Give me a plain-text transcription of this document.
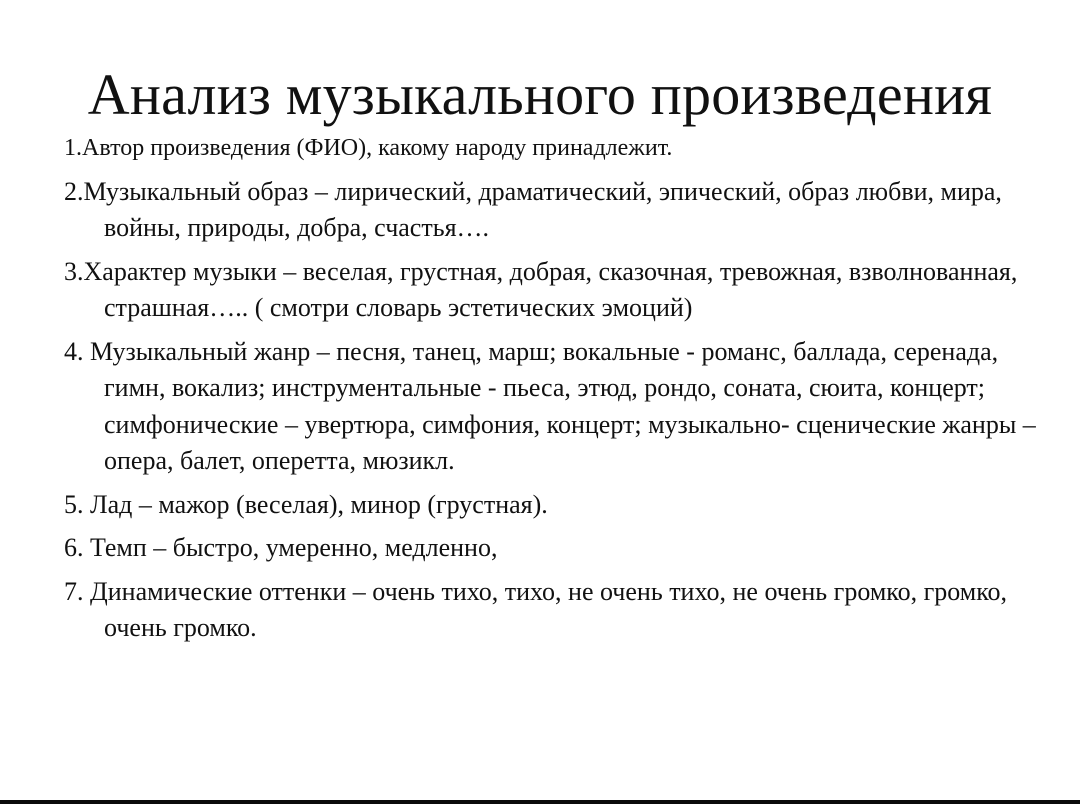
Анализ музыкального произведения
1.Автор произведения (ФИО), какому народу принадлежит.
2.Музыкальный образ – лирический, драматический, эпический, образ любви, мира, войны, природы, добра, счастья….
3.Характер музыки – веселая, грустная, добрая, сказочная, тревожная, взволнованная, страшная….. ( смотри словарь эстетических эмоций)
4. Музыкальный жанр – песня, танец, марш; вокальные - романс, баллада, серенада, гимн, вокализ; инструментальные - пьеса, этюд, рондо, соната, сюита, концерт; симфонические – увертюра, симфония, концерт; музыкально- сценические жанры – опера, балет, оперетта, мюзикл.
5. Лад – мажор (веселая), минор (грустная).
6. Темп – быстро, умеренно, медленно,
7. Динамические оттенки – очень тихо, тихо, не очень тихо, не очень громко, громко, очень громко.
